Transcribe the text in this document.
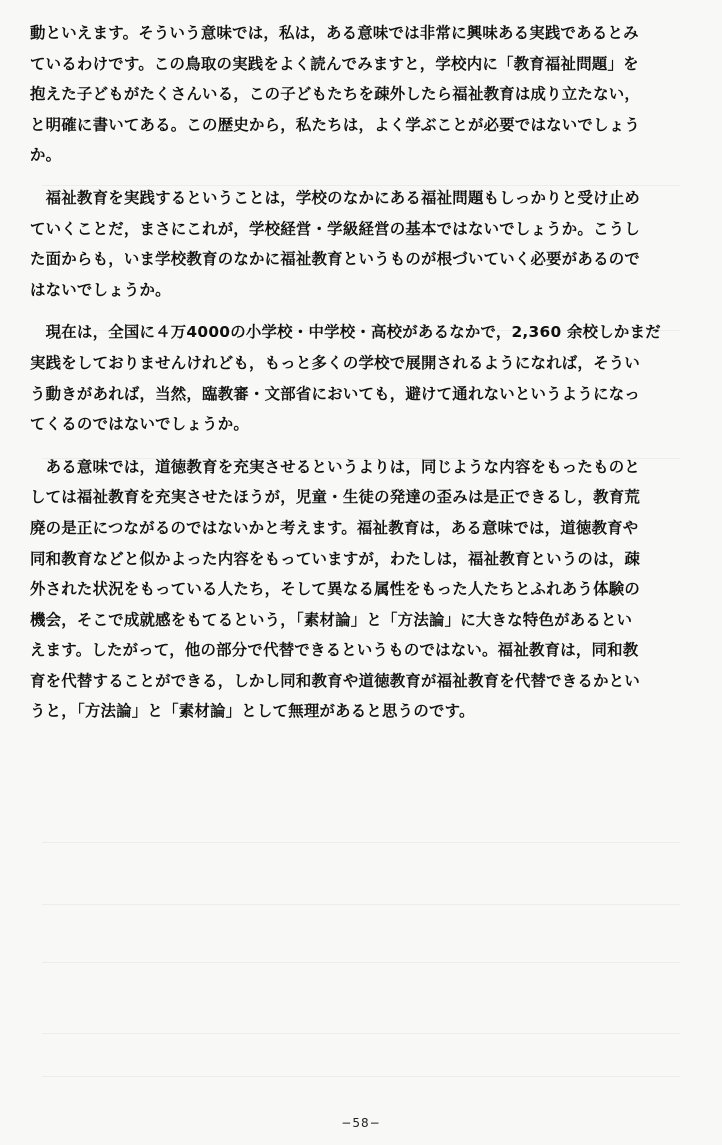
動といえます。そういう意味では，私は，ある意味では非常に興味ある実践であるとみ
ているわけです。この鳥取の実践をよく読んでみますと，学校内に「教育福祉問題」を
抱えた子どもがたくさんいる，この子どもたちを疎外したら福祉教育は成り立たない，
と明確に書いてある。この歴史から，私たちは，よく学ぶことが必要ではないでしょう
か。
　福祉教育を実践するということは，学校のなかにある福祉問題もしっかりと受け止め
ていくことだ，まさにこれが，学校経営・学級経営の基本ではないでしょうか。こうし
た面からも，いま学校教育のなかに福祉教育というものが根づいていく必要があるので
はないでしょうか。
　現在は，全国に４万4000の小学校・中学校・高校があるなかで，2,360 余校しかまだ
実践をしておりませんけれども，もっと多くの学校で展開されるようになれば，そうい
う動きがあれば，当然，臨教審・文部省においても，避けて通れないというようになっ
てくるのではないでしょうか。
　ある意味では，道徳教育を充実させるというよりは，同じような内容をもったものと
しては福祉教育を充実させたほうが，児童・生徒の発達の歪みは是正できるし，教育荒
廃の是正につながるのではないかと考えます。福祉教育は，ある意味では，道徳教育や
同和教育などと似かよった内容をもっていますが，わたしは，福祉教育というのは，疎
外された状況をもっている人たち，そして異なる属性をもった人たちとふれあう体験の
機会，そこで成就感をもてるという，「素材論」と「方法論」に大きな特色があるとい
えます。したがって，他の部分で代替できるというものではない。福祉教育は，同和教
育を代替することができる，しかし同和教育や道徳教育が福祉教育を代替できるかとい
うと，「方法論」と「素材論」として無理があると思うのです。
−58−
